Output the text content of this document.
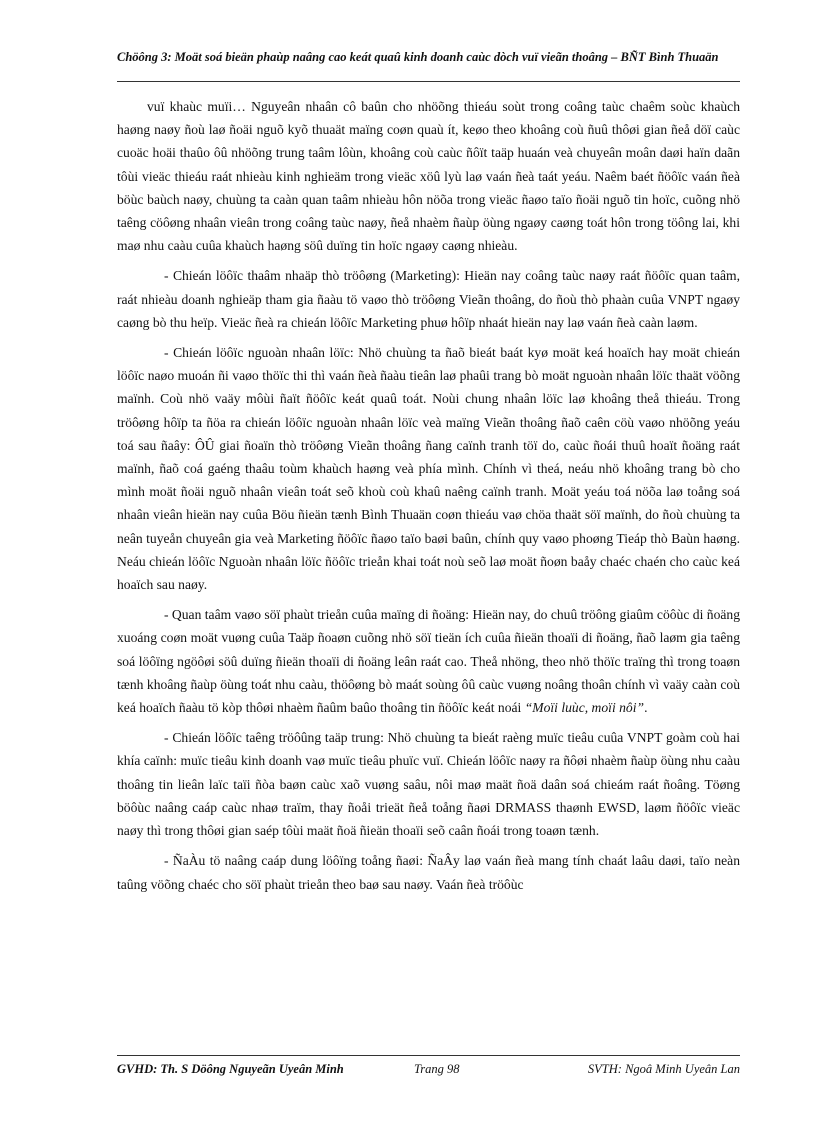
Chöông 3: Moät soá bieän phaùp naâng cao keát quaû kinh doanh caùc dòch vuï vieãn thoâng – BÑT Bình Thuaän

vuï khaùc muïi… Nguyeân nhaân cô baûn cho nhöõng thieáu soùt trong coâng taùc chaêm soùc khaùch haøng naøy ñoù laø ñoäi nguõ kyõ thuaät maïng coøn quaù ít, keøo theo khoâng coù ñuû thôøi gian ñeå döï caùc cuoäc hoäi thaûo ôû nhöõng trung taâm lôùn, khoâng coù caùc ñôït taäp huaán veà chuyeân moân daøi haïn daãn tôùi vieäc thieáu raát nhieàu kinh nghieäm trong vieäc xöû lyù laø vaán ñeà taát yeáu. Naêm baét ñöôïc vaán ñeà böùc baùch naøy, chuùng ta caàn quan taâm nhieàu hôn nöõa trong vieäc ñaøo taïo ñoäi nguõ tin hoïc, cuõng nhö taêng cöôøng nhaân vieân trong coâng taùc naøy, ñeå nhaèm ñaùp öùng ngaøy caøng toát hôn trong töông lai, khi maø nhu caàu cuûa khaùch haøng söû duïng tin hoïc ngaøy caøng nhieàu.

- Chieán löôïc thaâm nhaäp thò tröôøng (Marketing): Hieän nay coâng taùc naøy raát ñöôïc quan taâm, raát nhieàu doanh nghieäp tham gia ñaàu tö vaøo thò tröôøng Vieãn thoâng, do ñoù thò phaàn cuûa VNPT ngaøy caøng bò thu heïp. Vieäc ñeà ra chieán löôïc Marketing phuø hôïp nhaát hieän nay laø vaán ñeà caàn laøm.

- Chieán löôïc nguoàn nhaân löïc: Nhö chuùng ta ñaõ bieát baát kyø moät keá hoaïch hay moät chieán löôïc naøo muoán ñi vaøo thöïc thi thì vaán ñeà ñaàu tieân laø phaûi trang bò moät nguoàn nhaân löïc thaät vöõng maïnh. Coù nhö vaäy môùi ñaït ñöôïc keát quaû toát. Noùi chung nhaân löïc laø khoâng theå thieáu. Trong tröôøng hôïp ta ñöa ra chieán löôïc nguoàn nhaân löïc veà maïng Vieãn thoâng ñaõ caên cöù vaøo nhöõng yeáu toá sau ñaây: ÔÛ giai ñoaïn thò tröôøng Vieãn thoâng ñang caïnh tranh töï do, caùc ñoái thuû hoaït ñoäng raát maïnh, ñaõ coá gaéng thaâu toùm khaùch haøng veà phía mình. Chính vì theá, neáu nhö khoâng trang bò cho mình moät ñoäi nguõ nhaân vieân toát seõ khoù coù khaû naêng caïnh tranh. Moät yeáu toá nöõa laø toång soá nhaân vieân hieän nay cuûa Böu ñieän tænh Bình Thuaän coøn thieáu vaø chöa thaät söï maïnh, do ñoù chuùng ta neân tuyeån chuyeân gia veà Marketing ñöôïc ñaøo taïo baøi baûn, chính quy vaøo phoøng Tieáp thò Baùn haøng. Neáu chieán löôïc Nguoàn nhaân löïc ñöôïc trieån khai toát noù seõ laø moät ñoøn baåy chaéc chaén cho caùc keá hoaïch sau naøy.

- Quan taâm vaøo söï phaùt trieån cuûa maïng di ñoäng: Hieän nay, do chuû tröông giaûm cöôùc di ñoäng xuoáng coøn moät vuøng cuûa Taäp ñoaøn cuõng nhö söï tieän ích cuûa ñieän thoaïi di ñoäng, ñaõ laøm gia taêng soá löôïng ngöôøi söû duïng ñieän thoaïi di ñoäng leân raát cao. Theå nhöng, theo nhö thöïc traïng thì trong toaøn tænh khoâng ñaùp öùng toát nhu caàu, thöôøng bò maát soùng ôû caùc vuøng noâng thoân chính vì vaäy caàn coù keá hoaïch ñaàu tö kòp thôøi nhaèm ñaûm baûo thoâng tin ñöôïc keát noái “Moïi luùc, moïi nôi”.

- Chieán löôïc taêng tröôûng taäp trung: Nhö chuùng ta bieát raèng muïc tieâu cuûa VNPT goàm coù hai khía caïnh: muïc tieâu kinh doanh vaø muïc tieâu phuïc vuï. Chieán löôïc naøy ra ñôøi nhaèm ñaùp öùng nhu caàu thoâng tin lieân laïc taïi ñòa baøn caùc xaõ vuøng saâu, nôi maø maät ñoä daân soá chieám raát ñoâng. Töøng böôùc naâng caáp caùc nhaø traïm, thay ñoåi trieät ñeå toång ñaøi DRMASS thaønh EWSD, laøm ñöôïc vieäc naøy thì trong thôøi gian saép tôùi maät ñoä ñieän thoaïi seõ caân ñoái trong toaøn tænh.

- ÑaÀu tö naâng caáp dung löôïng toång ñaøi: ÑaÂy laø vaán ñeà mang tính chaát laâu daøi, taïo neàn taûng vöõng chaéc cho söï phaùt trieån theo baø sau naøy. Vaán ñeà tröôùc

GVHD: Th. S Döông Nguyeãn Uyeân Minh	Trang 98	SVTH: Ngoâ Minh Uyeân Lan
